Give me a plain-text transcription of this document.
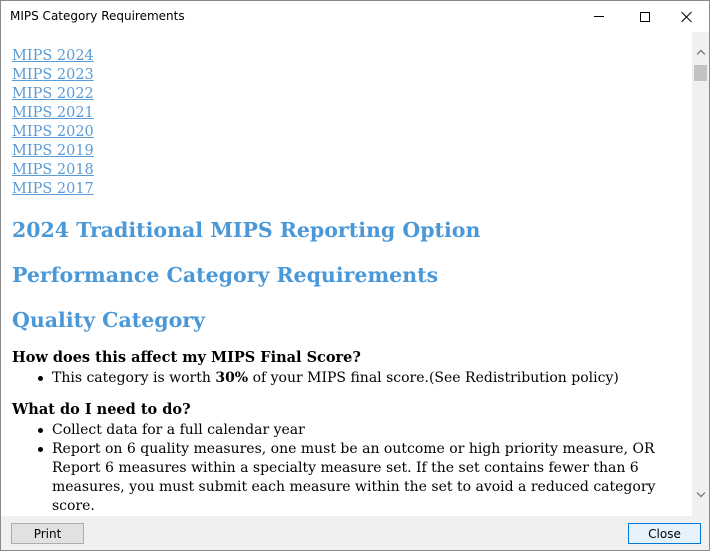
MIPS Category Requirements
MIPS 2024
MIPS 2023
MIPS 2022
MIPS 2021
MIPS 2020
MIPS 2019
MIPS 2018
MIPS 2017
2024 Traditional MIPS Reporting Option
Performance Category Requirements
Quality Category
How does this affect my MIPS Final Score?
This category is worth 30% of your MIPS final score.(See Redistribution policy)
What do I need to do?
Collect data for a full calendar year
Report on 6 quality measures, one must be an outcome or high priority measure, OR Report 6 measures within a specialty measure set. If the set contains fewer than 6 measures, you must submit each measure within the set to avoid a reduced category score.
Print	Close
